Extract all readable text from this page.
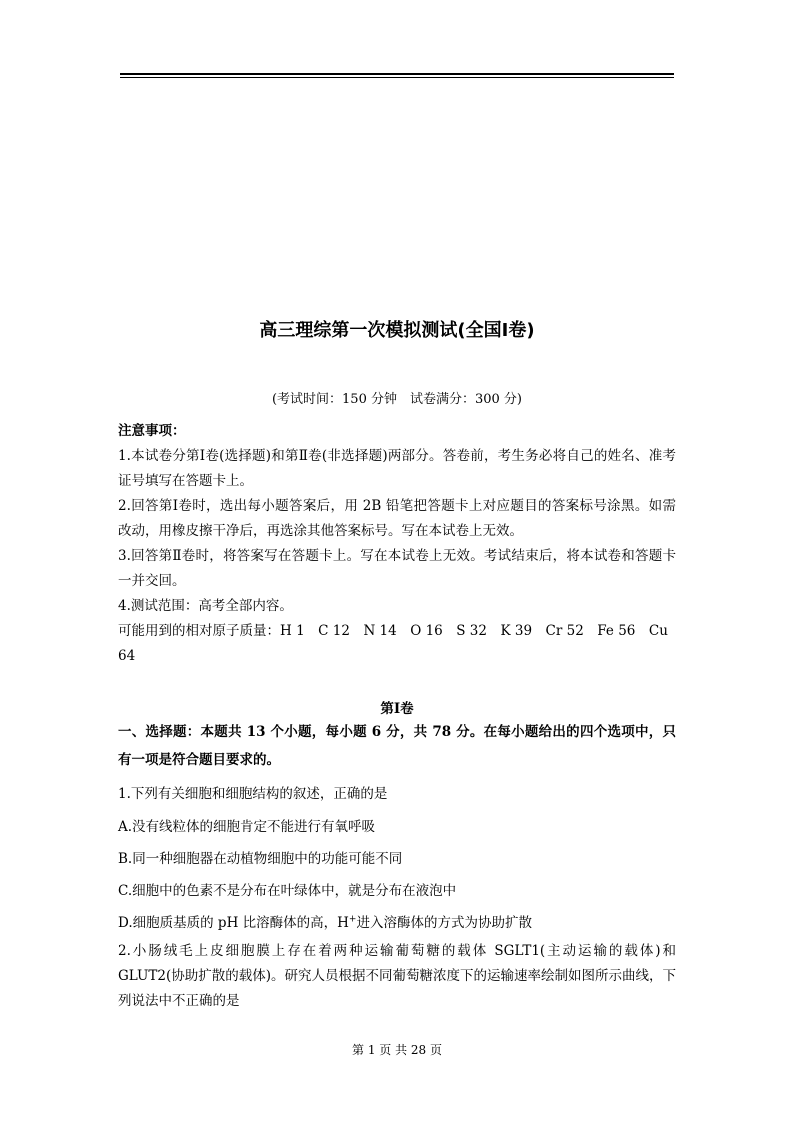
高三理综第一次模拟测试(全国Ⅰ卷)
(考试时间：150 分钟　试卷满分：300 分)

注意事项：

1.本试卷分第Ⅰ卷(选择题)和第Ⅱ卷(非选择题)两部分。答卷前，考生务必将自己的姓名、准考证号填写在答题卡上。

2.回答第Ⅰ卷时，选出每小题答案后，用 2B 铅笔把答题卡上对应题目的答案标号涂黑。如需改动，用橡皮擦干净后，再选涂其他答案标号。写在本试卷上无效。

3.回答第Ⅱ卷时，将答案写在答题卡上。写在本试卷上无效。考试结束后，将本试卷和答题卡一并交回。

4.测试范围：高考全部内容。

可能用到的相对原子质量：H 1　C 12　N 14　O 16　S 32　K 39　Cr 52　Fe 56　Cu 64

第Ⅰ卷

一、选择题：本题共 13 个小题，每小题 6 分，共 78 分。在每小题给出的四个选项中，只有一项是符合题目要求的。

1.下列有关细胞和细胞结构的叙述，正确的是

A.没有线粒体的细胞肯定不能进行有氧呼吸

B.同一种细胞器在动植物细胞中的功能可能不同

C.细胞中的色素不是分布在叶绿体中，就是分布在液泡中

D.细胞质基质的 pH 比溶酶体的高，H+进入溶酶体的方式为协助扩散

2.小肠绒毛上皮细胞膜上存在着两种运输葡萄糖的载体 SGLT1(主动运输的载体)和GLUT2(协助扩散的载体)。研究人员根据不同葡萄糖浓度下的运输速率绘制如图所示曲线，下列说法中不正确的是

第 1 页 共 28 页
